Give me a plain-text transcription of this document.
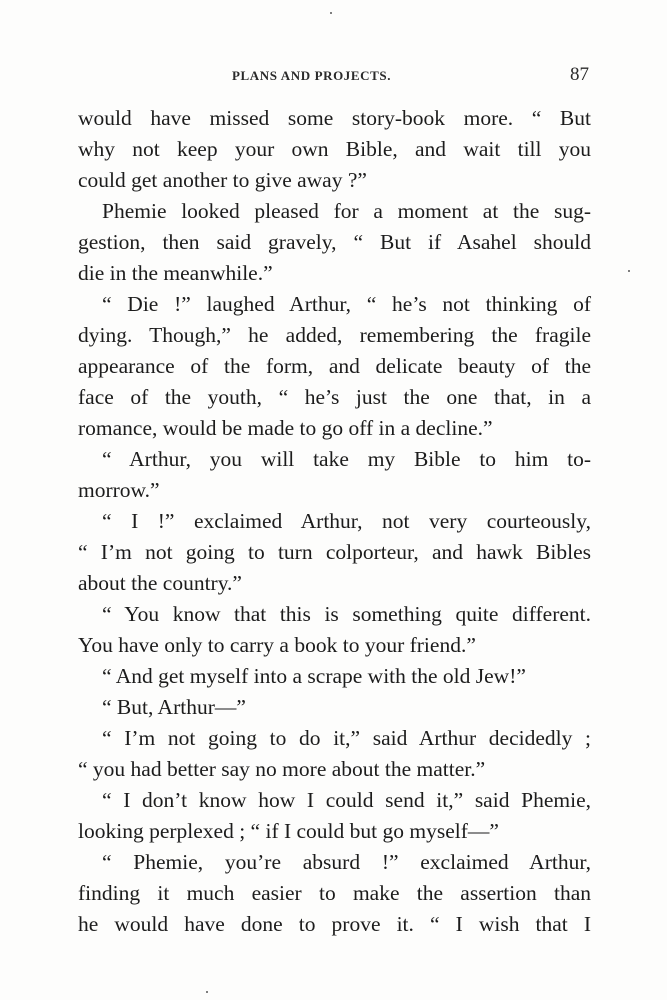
PLANS AND PROJECTS.	87
would have missed some story-book more. “ But
why not keep your own Bible, and wait till you
could get another to give away ?”
Phemie looked pleased for a moment at the sug-
gestion, then said gravely, “ But if Asahel should
die in the meanwhile.”
“ Die !” laughed Arthur, “ he’s not thinking of
dying. Though,” he added, remembering the fragile
appearance of the form, and delicate beauty of the
face of the youth, “ he’s just the one that, in a
romance, would be made to go off in a decline.”
“ Arthur, you will take my Bible to him to-
morrow.”
“ I !” exclaimed Arthur, not very courteously,
“ I’m not going to turn colporteur, and hawk Bibles
about the country.”
“ You know that this is something quite different.
You have only to carry a book to your friend.”
“ And get myself into a scrape with the old Jew!”
“ But, Arthur—”
“ I’m not going to do it,” said Arthur decidedly ;
“ you had better say no more about the matter.”
“ I don’t know how I could send it,” said Phemie,
looking perplexed ; “ if I could but go myself—”
“ Phemie, you’re absurd !” exclaimed Arthur,
finding it much easier to make the assertion than
he would have done to prove it. “ I wish that I
